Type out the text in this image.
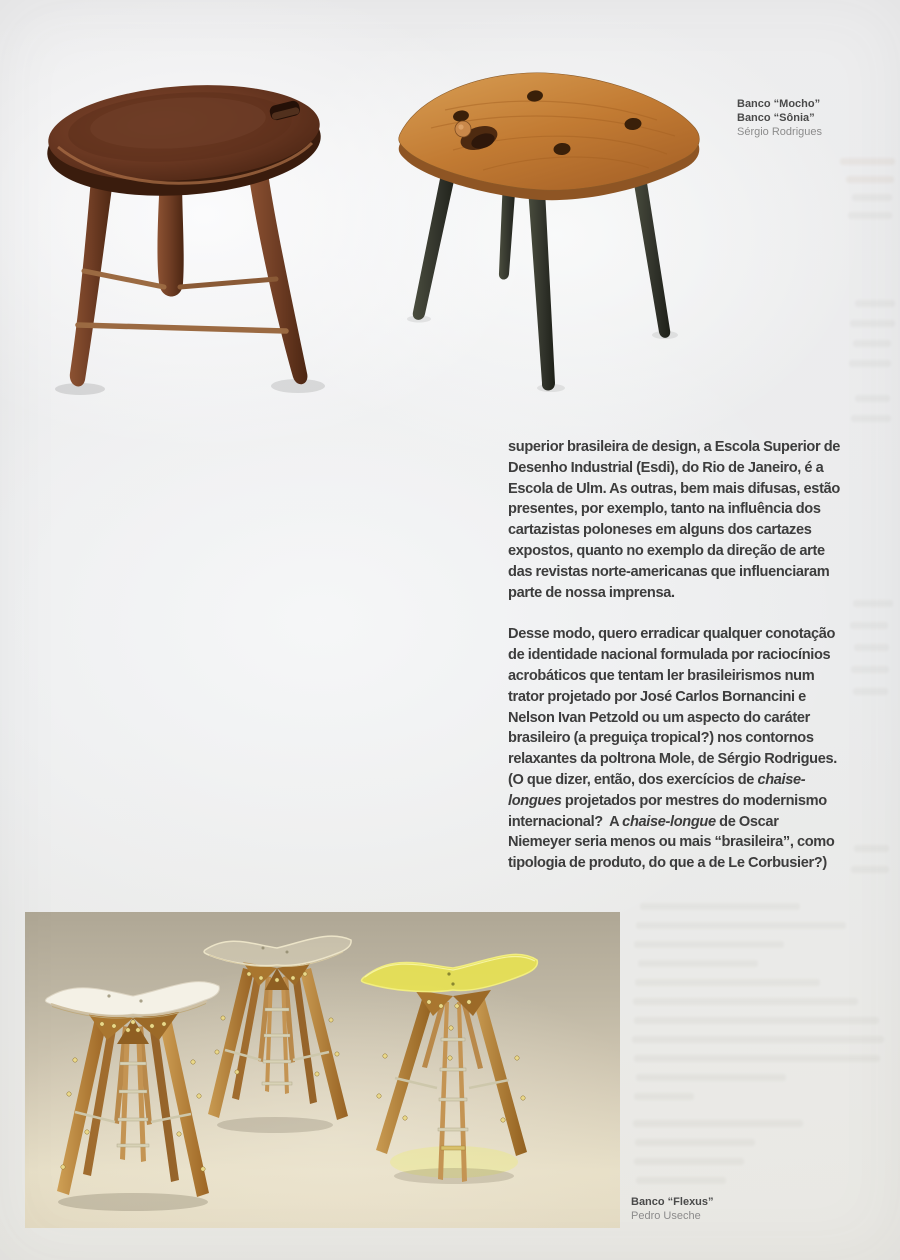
Banco “Mocho”
Banco “Sônia”
Sérgio Rodrigues

superior brasileira de design, a Escola Superior de
Desenho Industrial (Esdi), do Rio de Janeiro, é a
Escola de Ulm. As outras, bem mais difusas, estão
presentes, por exemplo, tanto na influência dos
cartazistas poloneses em alguns dos cartazes
expostos, quanto no exemplo da direção de arte
das revistas norte-americanas que influenciaram
parte de nossa imprensa.

Desse modo, quero erradicar qualquer conotação
de identidade nacional formulada por raciocínios
acrobáticos que tentam ler brasileirismos num
trator projetado por José Carlos Bornancini e
Nelson Ivan Petzold ou um aspecto do caráter
brasileiro (a preguiça tropical?) nos contornos
relaxantes da poltrona Mole, de Sérgio Rodrigues.
(O que dizer, então, dos exercícios de chaise-
longues projetados por mestres do modernismo
internacional?  A chaise-longue de Oscar
Niemeyer seria menos ou mais “brasileira”, como
tipologia de produto, do que a de Le Corbusier?)

Banco “Flexus”
Pedro Useche
